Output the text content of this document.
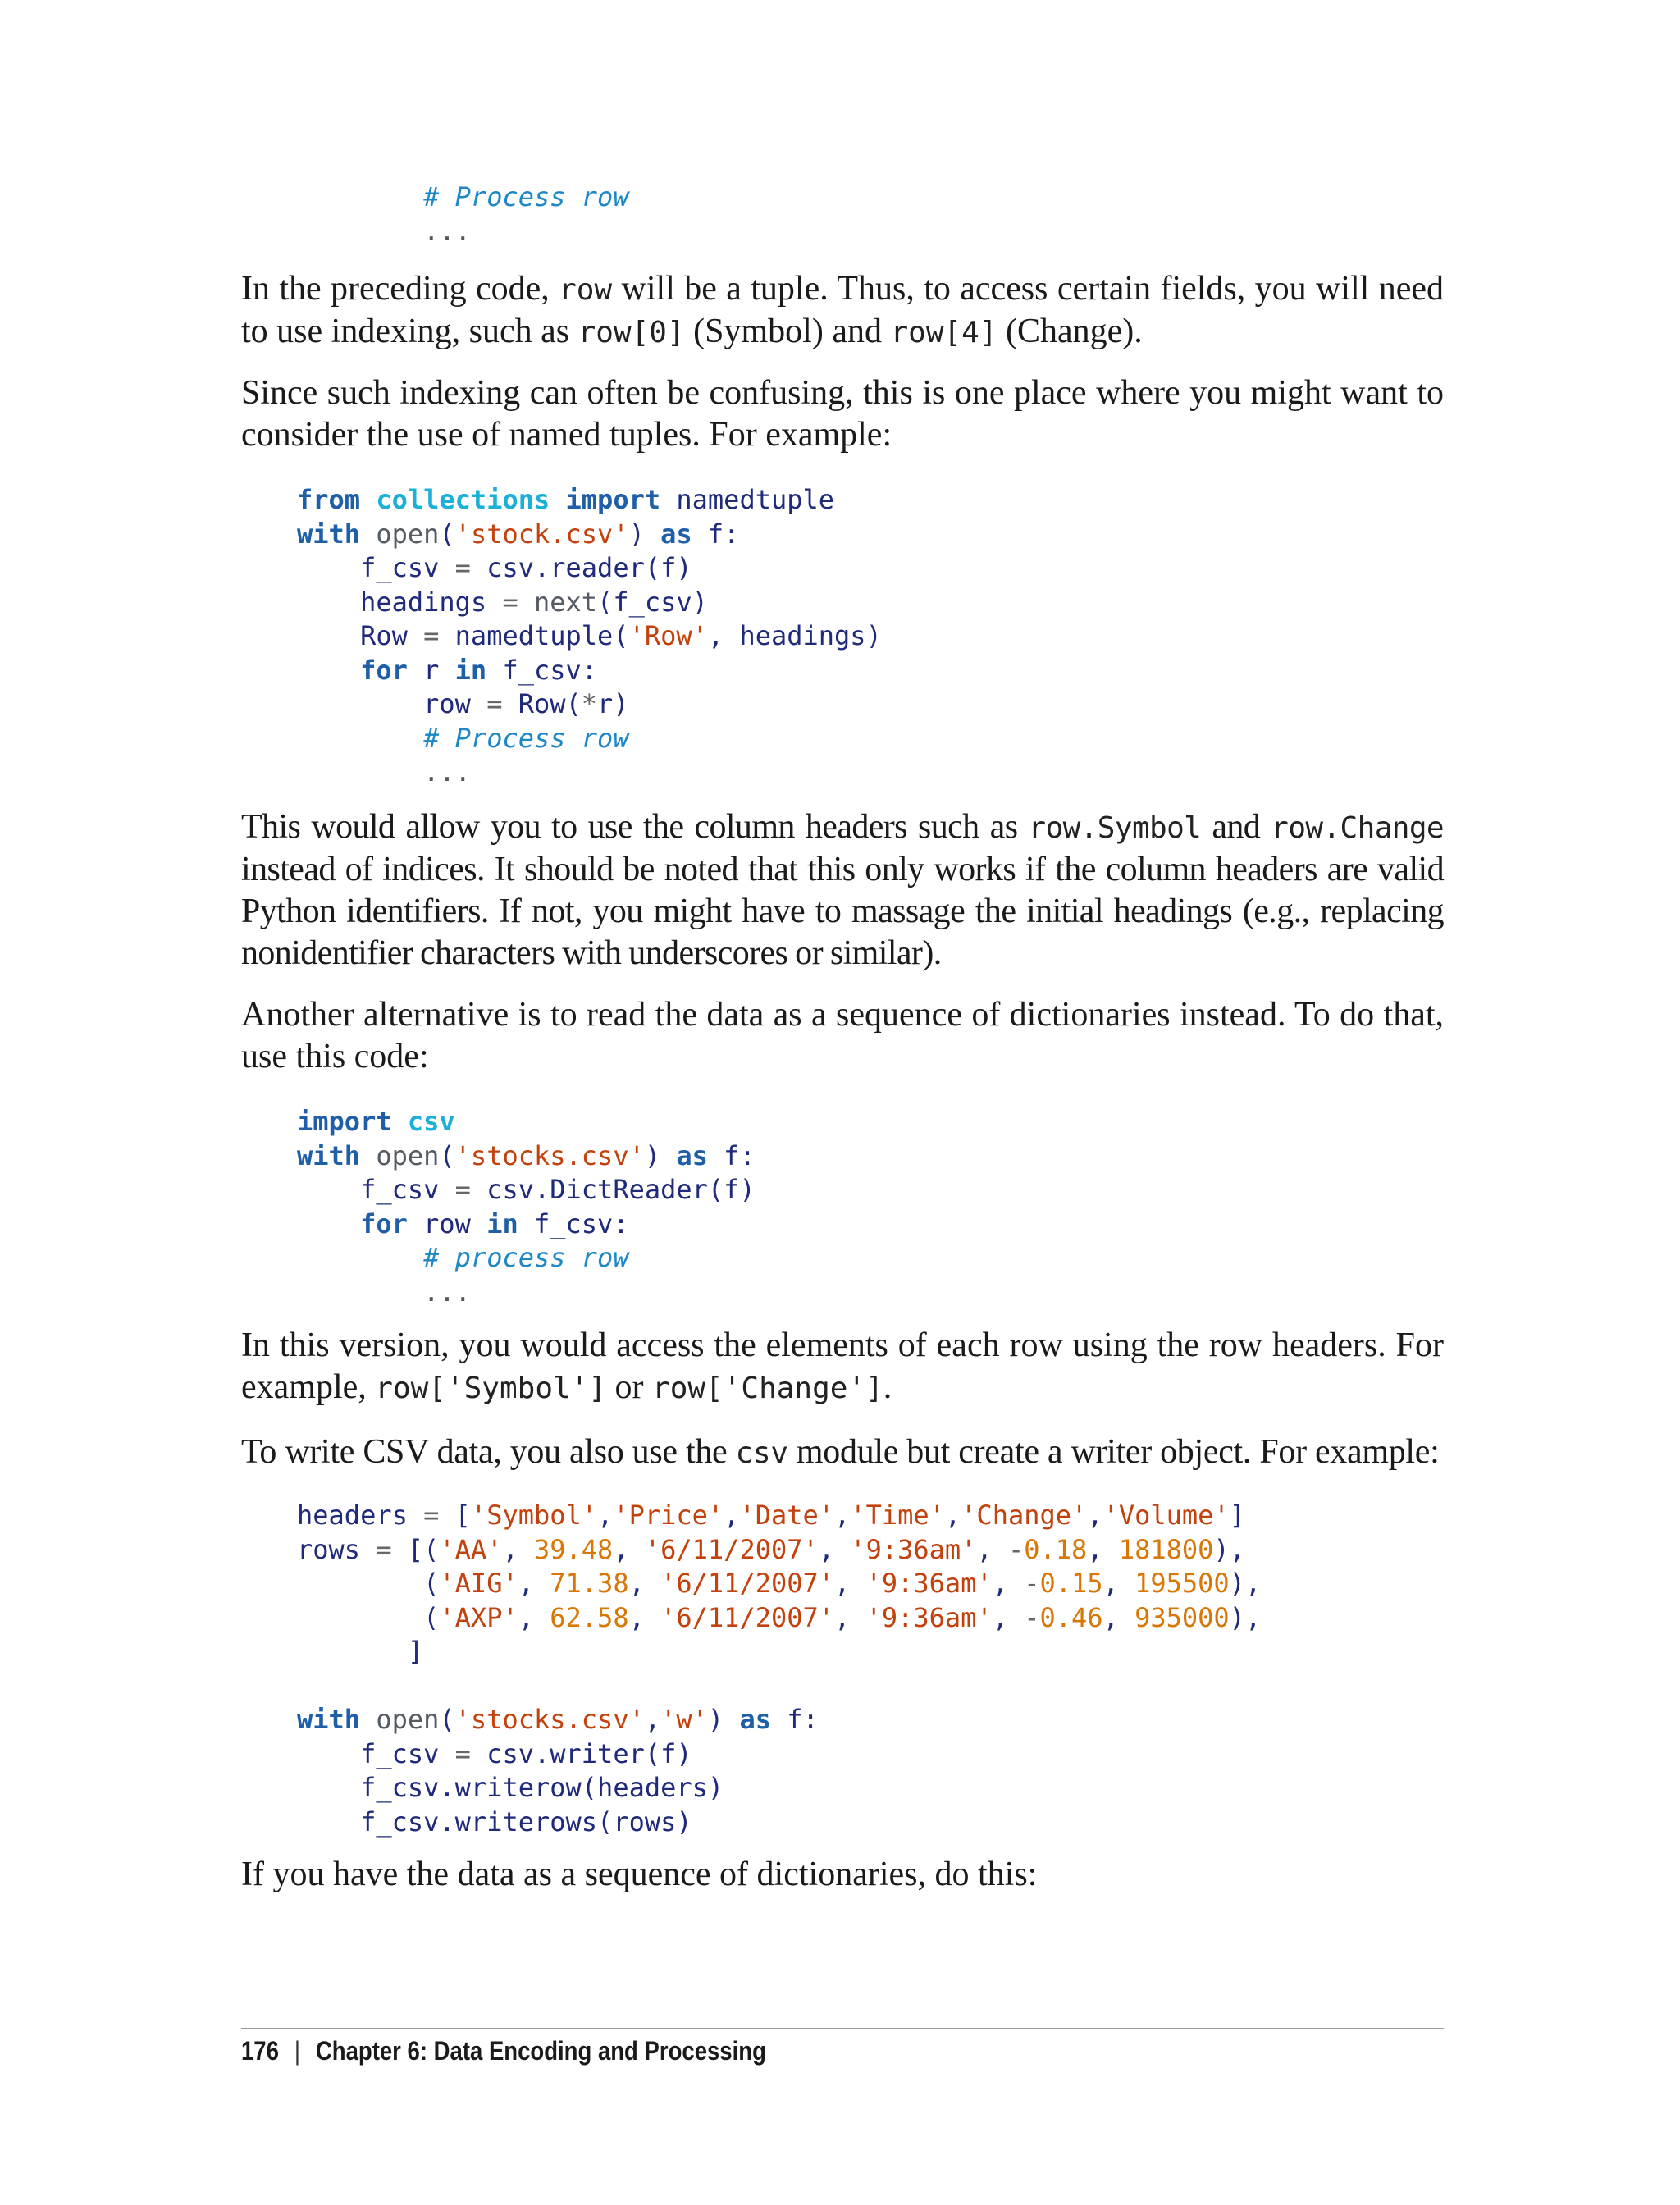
# Process row
...

In the preceding code, row will be a tuple. Thus, to access certain fields, you will need to use indexing, such as row[0] (Symbol) and row[4] (Change).

Since such indexing can often be confusing, this is one place where you might want to consider the use of named tuples. For example:

from collections import namedtuple
with open('stock.csv') as f:
f_csv = csv.reader(f)
headings = next(f_csv)
Row = namedtuple('Row', headings)
for r in f_csv:
row = Row(*r)
# Process row
...

This would allow you to use the column headers such as row.Symbol and row.Change instead of indices. It should be noted that this only works if the column headers are valid Python identifiers. If not, you might have to massage the initial headings (e.g., replacing nonidentifier characters with underscores or similar).

Another alternative is to read the data as a sequence of dictionaries instead. To do that, use this code:

import csv
with open('stocks.csv') as f:
f_csv = csv.DictReader(f)
for row in f_csv:
# process row
...

In this version, you would access the elements of each row using the row headers. For example, row['Symbol'] or row['Change'].

To write CSV data, you also use the csv module but create a writer object. For example:

headers = ['Symbol','Price','Date','Time','Change','Volume']
rows = [('AA', 39.48, '6/11/2007', '9:36am', -0.18, 181800),
('AIG', 71.38, '6/11/2007', '9:36am', -0.15, 195500),
('AXP', 62.58, '6/11/2007', '9:36am', -0.46, 935000),
]

with open('stocks.csv','w') as f:
f_csv = csv.writer(f)
f_csv.writerow(headers)
f_csv.writerows(rows)

If you have the data as a sequence of dictionaries, do this:

176 | Chapter 6: Data Encoding and Processing
